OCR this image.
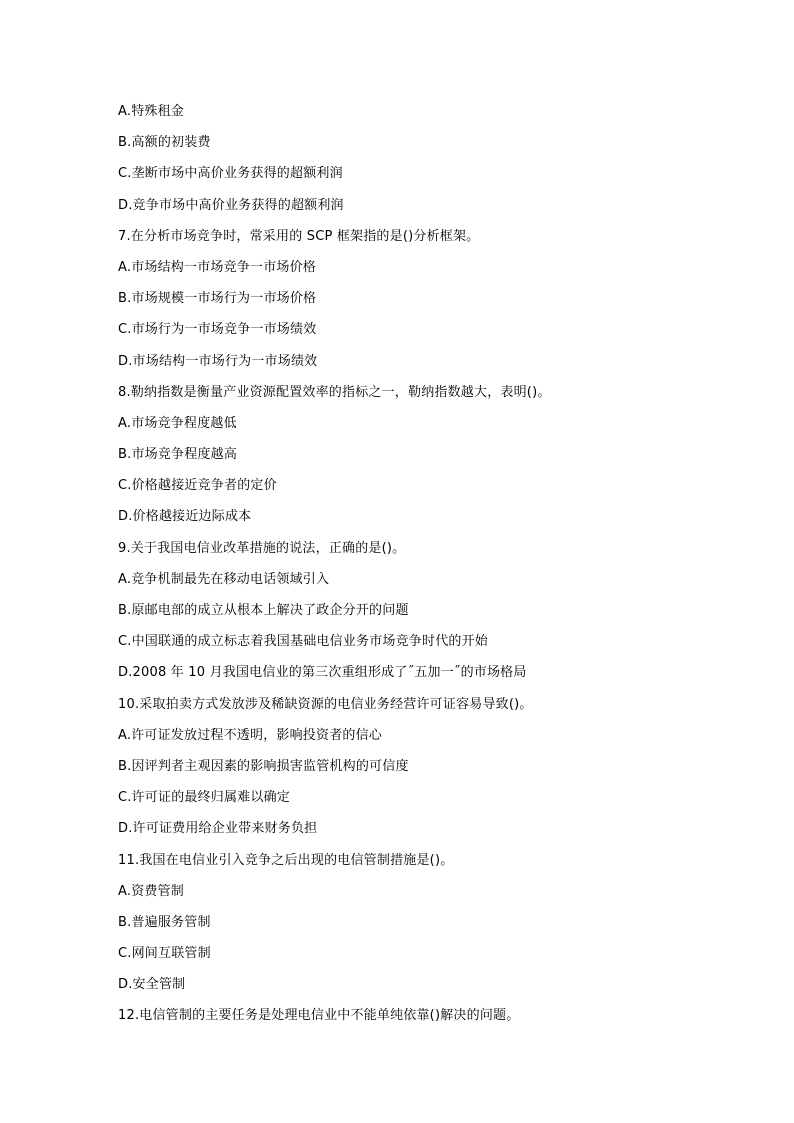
A.特殊租金
B.高额的初装费
C.垄断市场中高价业务获得的超额利润
D.竞争市场中高价业务获得的超额利润
7.在分析市场竞争时，常采用的 SCP 框架指的是()分析框架。
A.市场结构一市场竞争一市场价格
B.市场规模一市场行为一市场价格
C.市场行为一市场竞争一市场绩效
D.市场结构一市场行为一市场绩效
8.勒纳指数是衡量产业资源配置效率的指标之一，勒纳指数越大，表明()。
A.市场竞争程度越低
B.市场竞争程度越高
C.价格越接近竞争者的定价
D.价格越接近边际成本
9.关于我国电信业改革措施的说法，正确的是()。
A.竞争机制最先在移动电话领域引入
B.原邮电部的成立从根本上解决了政企分开的问题
C.中国联通的成立标志着我国基础电信业务市场竞争时代的开始
D.2008 年 10 月我国电信业的第三次重组形成了˝五加一˝的市场格局
10.采取拍卖方式发放涉及稀缺资源的电信业务经营许可证容易导致()。
A.许可证发放过程不透明，影响投资者的信心
B.因评判者主观因素的影响损害监管机构的可信度
C.许可证的最终归属难以确定
D.许可证费用给企业带来财务负担
11.我国在电信业引入竞争之后出现的电信管制措施是()。
A.资费管制
B.普遍服务管制
C.网间互联管制
D.安全管制
12.电信管制的主要任务是处理电信业中不能单纯依靠()解决的问题。
